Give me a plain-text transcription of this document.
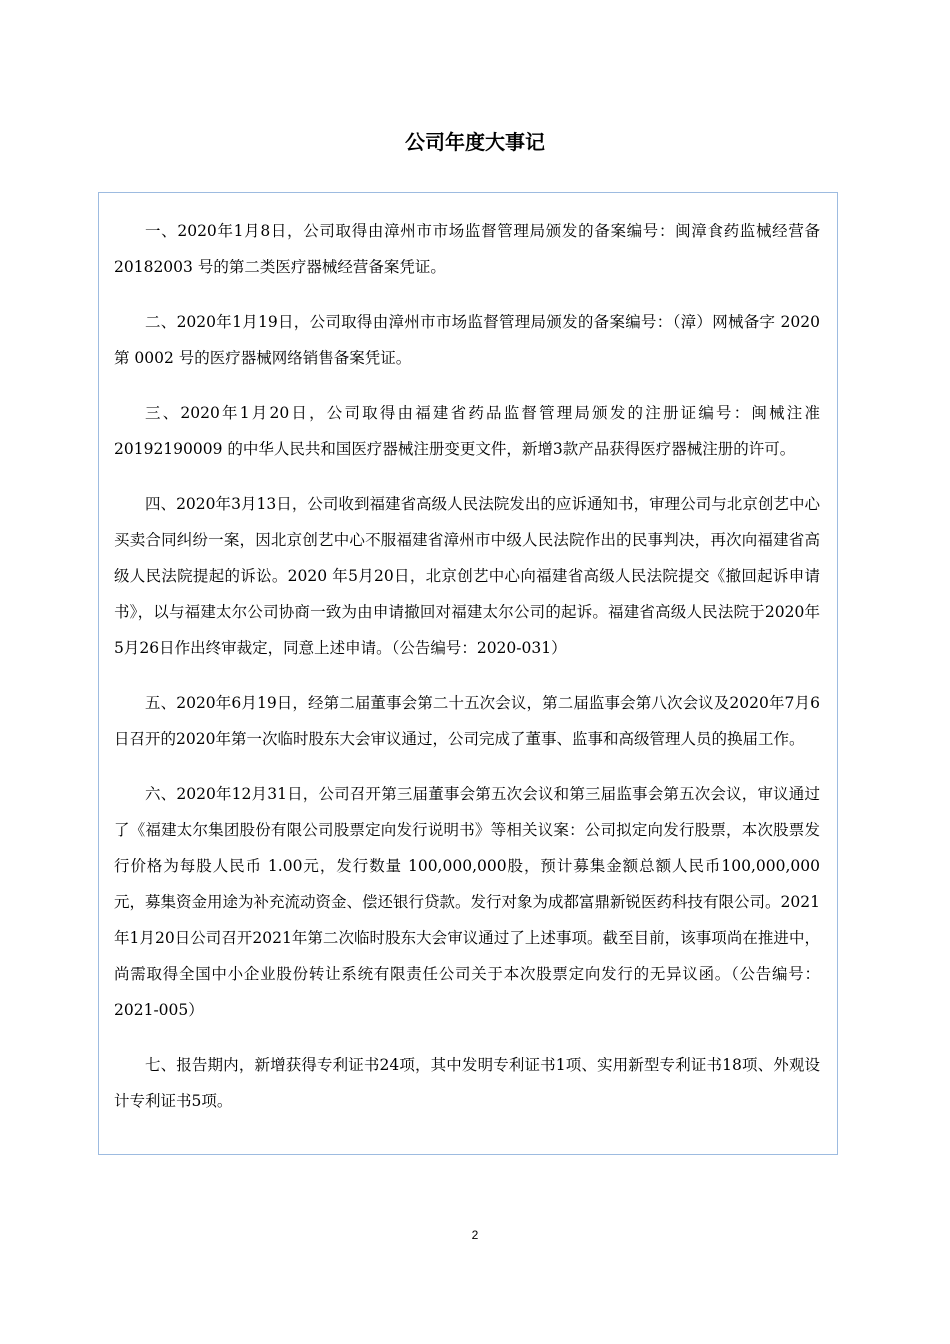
公司年度大事记

一、2020年1月8日，公司取得由漳州市市场监督管理局颁发的备案编号：闽漳食药监械经营备 20182003 号的第二类医疗器械经营备案凭证。

二、2020年1月19日，公司取得由漳州市市场监督管理局颁发的备案编号：（漳）网械备字 2020 第 0002 号的医疗器械网络销售备案凭证。

三、2020年1月20日，公司取得由福建省药品监督管理局颁发的注册证编号：闽械注准 20192190009 的中华人民共和国医疗器械注册变更文件，新增3款产品获得医疗器械注册的许可。

四、2020年3月13日，公司收到福建省高级人民法院发出的应诉通知书，审理公司与北京创艺中心买卖合同纠纷一案，因北京创艺中心不服福建省漳州市中级人民法院作出的民事判决，再次向福建省高级人民法院提起的诉讼。2020 年5月20日，北京创艺中心向福建省高级人民法院提交《撤回起诉申请书》，以与福建太尔公司协商一致为由申请撤回对福建太尔公司的起诉。福建省高级人民法院于2020年5月26日作出终审裁定，同意上述申请。（公告编号：2020-031）

五、2020年6月19日，经第二届董事会第二十五次会议，第二届监事会第八次会议及2020年7月6日召开的2020年第一次临时股东大会审议通过，公司完成了董事、监事和高级管理人员的换届工作。

六、2020年12月31日，公司召开第三届董事会第五次会议和第三届监事会第五次会议，审议通过了《福建太尔集团股份有限公司股票定向发行说明书》等相关议案：公司拟定向发行股票，本次股票发行价格为每股人民币 1.00元，发行数量 100,000,000股，预计募集金额总额人民币100,000,000元，募集资金用途为补充流动资金、偿还银行贷款。发行对象为成都富鼎新锐医药科技有限公司。2021年1月20日公司召开2021年第二次临时股东大会审议通过了上述事项。截至目前，该事项尚在推进中，尚需取得全国中小企业股份转让系统有限责任公司关于本次股票定向发行的无异议函。（公告编号：2021-005）

七、报告期内，新增获得专利证书24项，其中发明专利证书1项、实用新型专利证书18项、外观设计专利证书5项。

2
